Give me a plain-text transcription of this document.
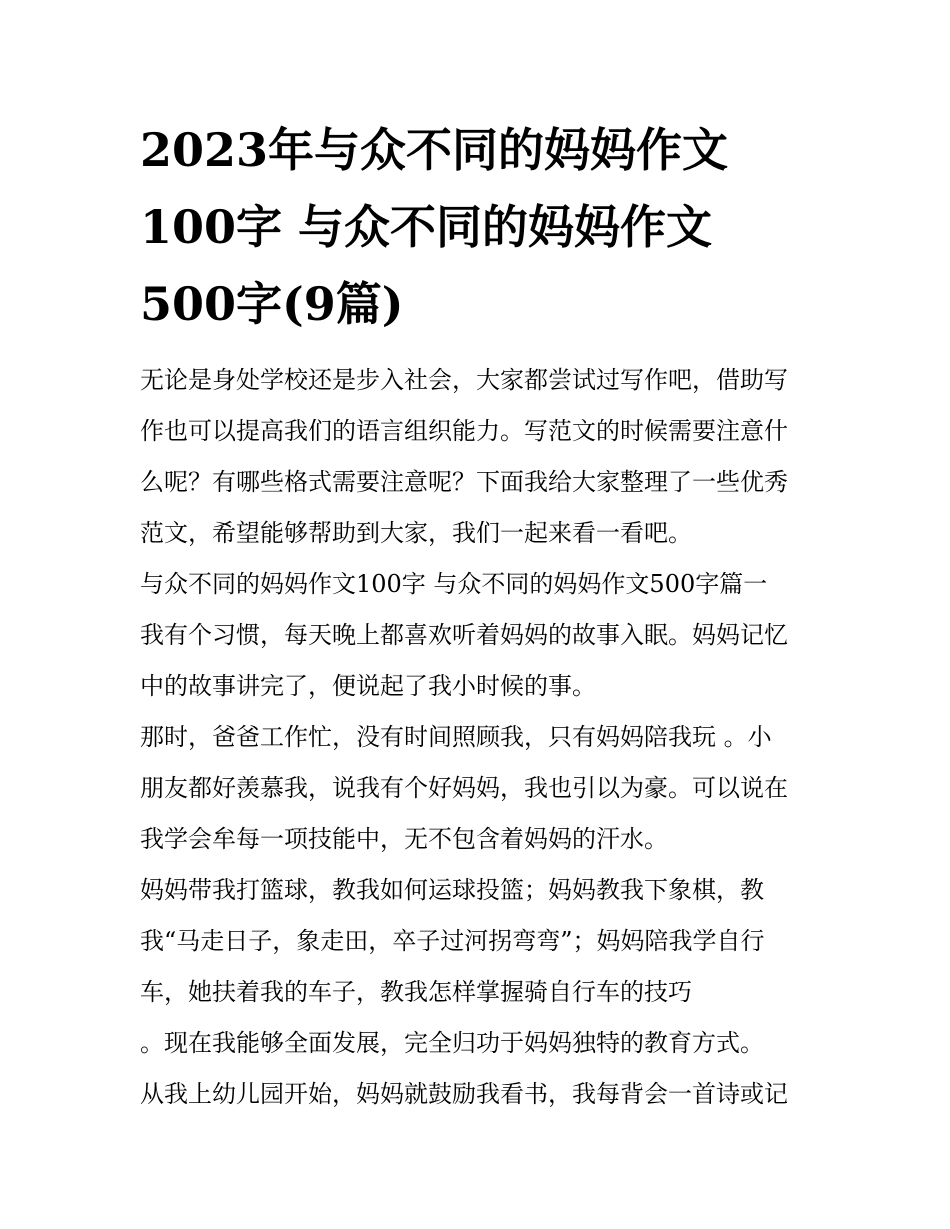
2023年与众不同的妈妈作文
100字 与众不同的妈妈作文
500字(9篇)
无论是身处学校还是步入社会，大家都尝试过写作吧，借助写
作也可以提高我们的语言组织能力。写范文的时候需要注意什
么呢？有哪些格式需要注意呢？下面我给大家整理了一些优秀
范文，希望能够帮助到大家，我们一起来看一看吧。
与众不同的妈妈作文100字 与众不同的妈妈作文500字篇一
我有个习惯，每天晚上都喜欢听着妈妈的故事入眠。妈妈记忆
中的故事讲完了，便说起了我小时候的事。
那时，爸爸工作忙，没有时间照顾我，只有妈妈陪我玩 。小
朋友都好羡慕我，说我有个好妈妈，我也引以为豪。可以说在
我学会牟每一项技能中，无不包含着妈妈的汗水。
妈妈带我打篮球，教我如何运球投篮；妈妈教我下象棋，教
我“马走日子，象走田，卒子过河拐弯弯”；妈妈陪我学自行
车，她扶着我的车子，教我怎样掌握骑自行车的技巧
。现在我能够全面发展，完全归功于妈妈独特的教育方式。
从我上幼儿园开始，妈妈就鼓励我看书，我每背会一首诗或记
